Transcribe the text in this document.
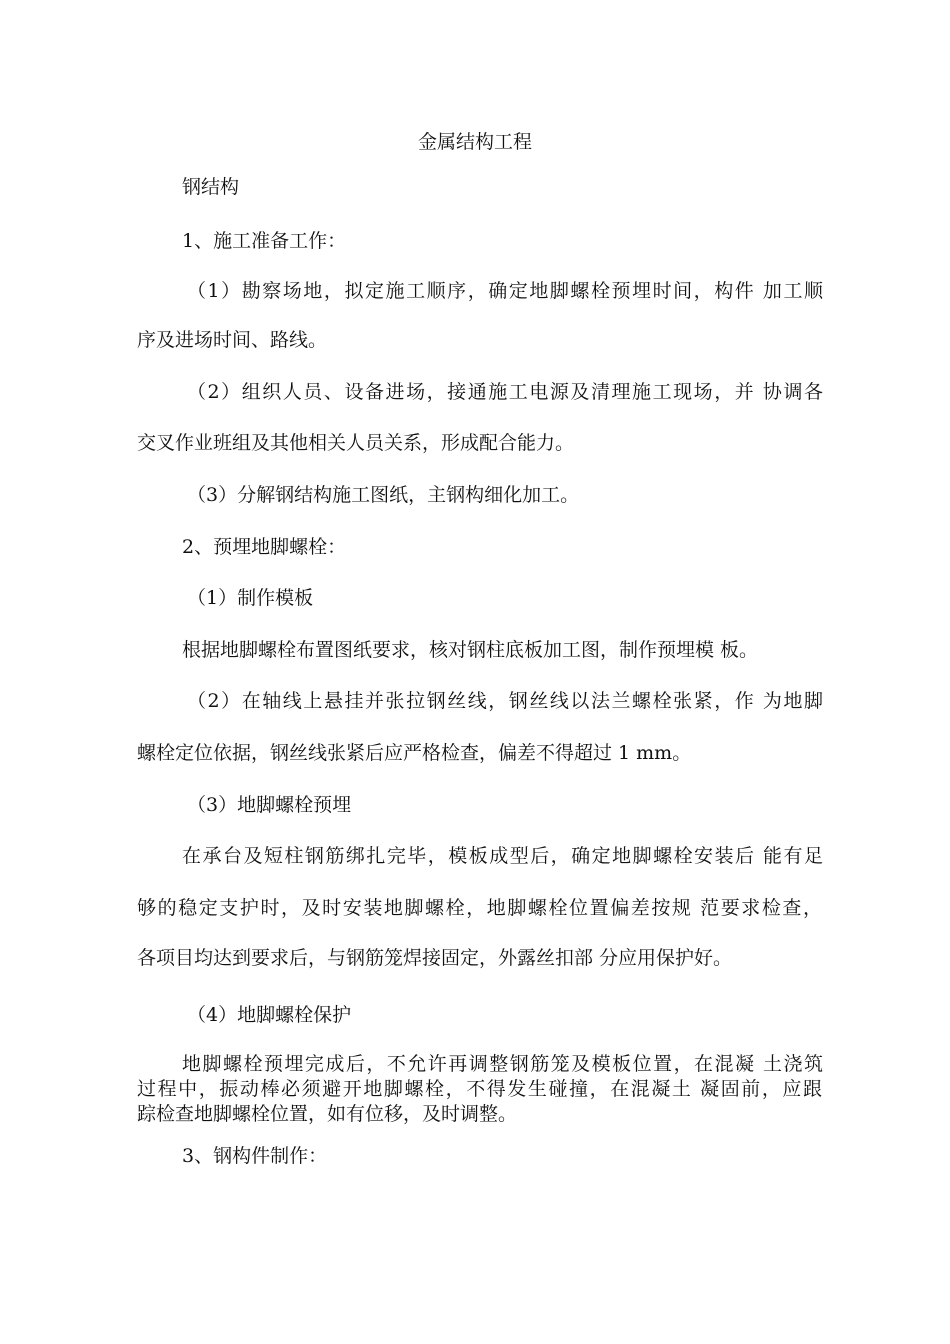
金属结构工程
钢结构
1、施工准备工作：
（1）勘察场地，拟定施工顺序，确定地脚螺栓预埋时间，构件 加工顺
序及进场时间、路线。
（2）组织人员、设备进场，接通施工电源及清理施工现场，并 协调各
交叉作业班组及其他相关人员关系，形成配合能力。
（3）分解钢结构施工图纸，主钢构细化加工。
2、预埋地脚螺栓：
（1）制作模板
根据地脚螺栓布置图纸要求，核对钢柱底板加工图，制作预埋模 板。
（2）在轴线上悬挂并张拉钢丝线，钢丝线以法兰螺栓张紧，作 为地脚
螺栓定位依据，钢丝线张紧后应严格检查，偏差不得超过 1 mm。
（3）地脚螺栓预埋
在承台及短柱钢筋绑扎完毕，模板成型后，确定地脚螺栓安装后 能有足
够的稳定支护时，及时安装地脚螺栓，地脚螺栓位置偏差按规 范要求检查，
各项目均达到要求后，与钢筋笼焊接固定，外露丝扣部 分应用保护好。
（4）地脚螺栓保护
地脚螺栓预埋完成后，不允许再调整钢筋笼及模板位置，在混凝 土浇筑
过程中，振动棒必须避开地脚螺栓，不得发生碰撞，在混凝土 凝固前，应跟
踪检查地脚螺栓位置，如有位移，及时调整。
3、钢构件制作：
